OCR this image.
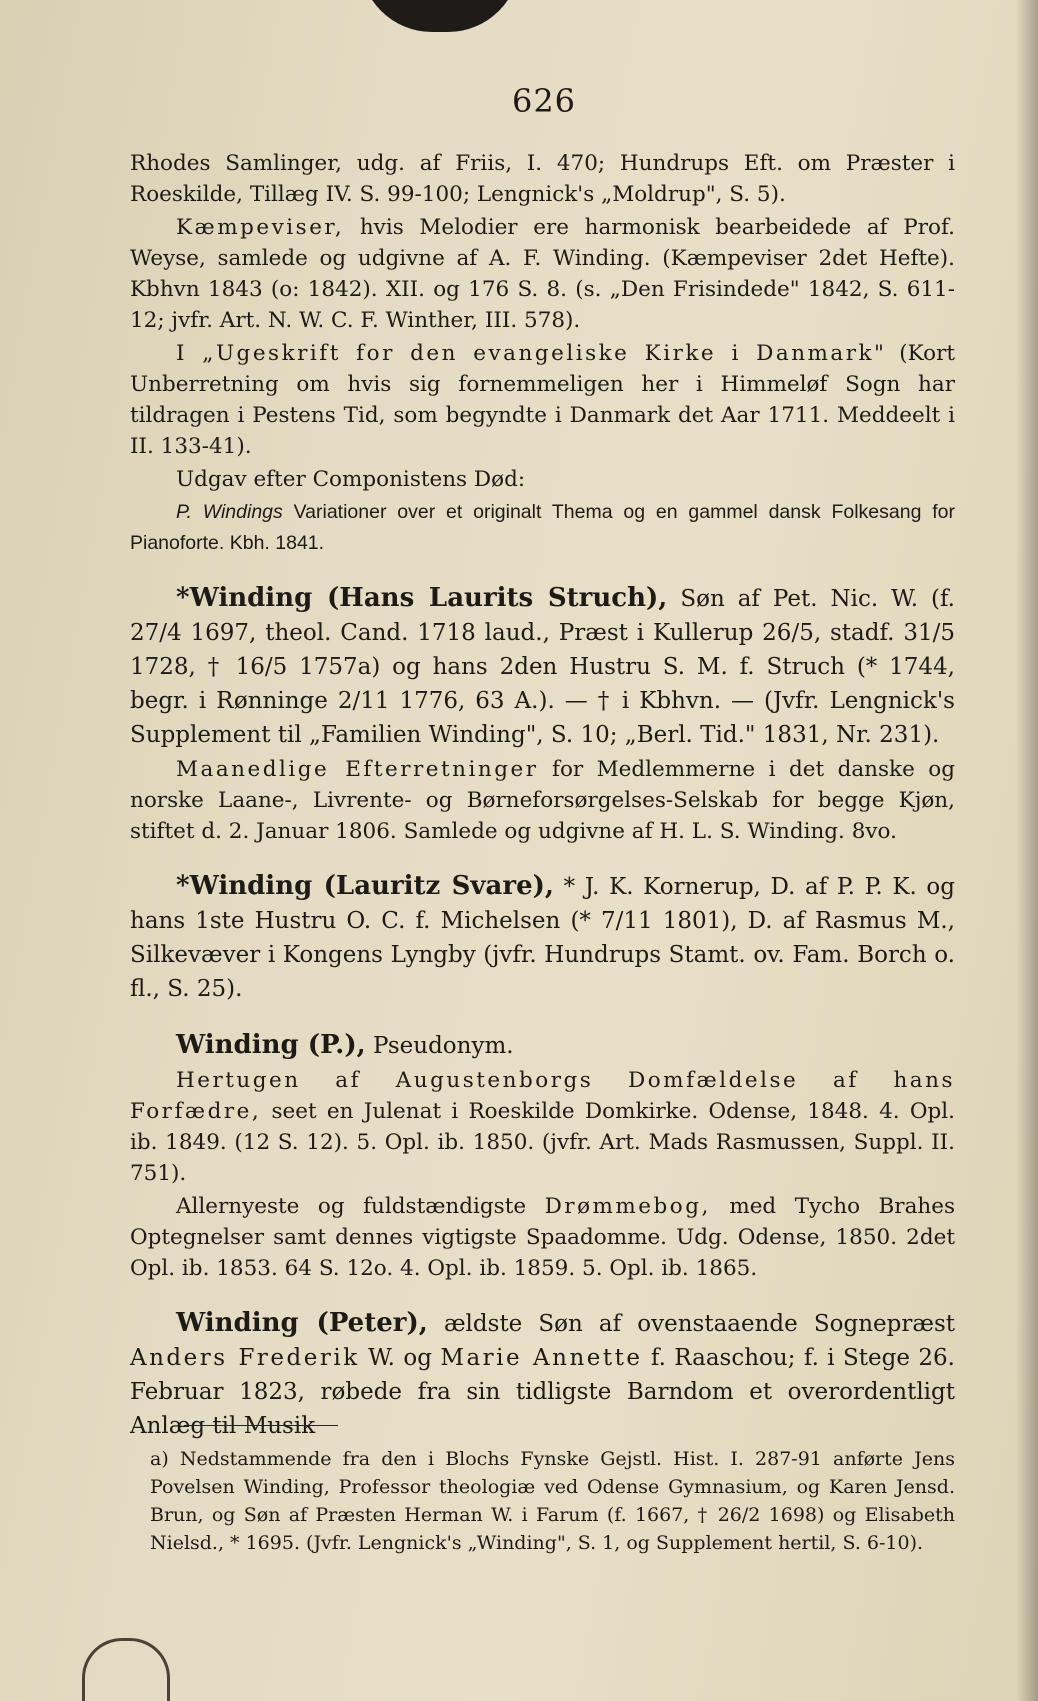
626

Rhodes Samlinger, udg. af Friis, I. 470; Hundrups Eft. om Præster i Roeskilde, Tillæg IV. S. 99-100; Lengnick's „Moldrup", S. 5).

Kæmpeviser, hvis Melodier ere harmonisk bearbeidede af Prof. Weyse, samlede og udgivne af A. F. Winding. (Kæmpeviser 2det Hefte). Kbhvn 1843 (o: 1842). XII. og 176 S. 8. (s. „Den Frisindede" 1842, S. 611-12; jvfr. Art. N. W. C. F. Winther, III. 578).

I „Ugeskrift for den evangeliske Kirke i Danmark" (Kort Unberretning om hvis sig fornemmeligen her i Himmeløf Sogn har tildragen i Pestens Tid, som begyndte i Danmark det Aar 1711. Meddeelt i II. 133-41).

Udgav efter Componistens Død:

P. Windings Variationer over et originalt Thema og en gammel dansk Folkesang for Pianoforte. Kbh. 1841.

*Winding (Hans Laurits Struch), Søn af Pet. Nic. W. (f. 27/4 1697, theol. Cand. 1718 laud., Præst i Kullerup 26/5, stadf. 31/5 1728, † 16/5 1757a) og hans 2den Hustru S. M. f. Struch (* 1744, begr. i Rønninge 2/11 1776, 63 A.). — † i Kbhvn. — (Jvfr. Lengnick's Supplement til „Familien Winding", S. 10; „Berl. Tid." 1831, Nr. 231).

Maanedlige Efterretninger for Medlemmerne i det danske og norske Laane-, Livrente- og Børneforsørgelses-Selskab for begge Kjøn, stiftet d. 2. Januar 1806. Samlede og udgivne af H. L. S. Winding. 8vo.

*Winding (Lauritz Svare), * J. K. Kornerup, D. af P. P. K. og hans 1ste Hustru O. C. f. Michelsen (* 7/11 1801), D. af Rasmus M., Silkevæver i Kongens Lyngby (jvfr. Hundrups Stamt. ov. Fam. Borch o. fl., S. 25).

Winding (P.), Pseudonym.

Hertugen af Augustenborgs Domfældelse af hans Forfædre, seet en Julenat i Roeskilde Domkirke. Odense, 1848. 4. Opl. ib. 1849. (12 S. 12). 5. Opl. ib. 1850. (jvfr. Art. Mads Rasmussen, Suppl. II. 751).

Allernyeste og fuldstændigste Drømmebog, med Tycho Brahes Optegnelser samt dennes vigtigste Spaadomme. Udg. Odense, 1850. 2det Opl. ib. 1853. 64 S. 12o. 4. Opl. ib. 1859. 5. Opl. ib. 1865.

Winding (Peter), ældste Søn af ovenstaaende Sognepræst Anders Frederik W. og Marie Annette f. Raaschou; f. i Stege 26. Februar 1823, røbede fra sin tidligste Barndom et overordentligt Anlæg til Musik

a) Nedstammende fra den i Blochs Fynske Gejstl. Hist. I. 287-91 anførte Jens Povelsen Winding, Professor theologiæ ved Odense Gymnasium, og Karen Jensd. Brun, og Søn af Præsten Herman W. i Farum (f. 1667, † 26/2 1698) og Elisabeth Nielsd., * 1695. (Jvfr. Lengnick's „Winding", S. 1, og Supplement hertil, S. 6-10).
